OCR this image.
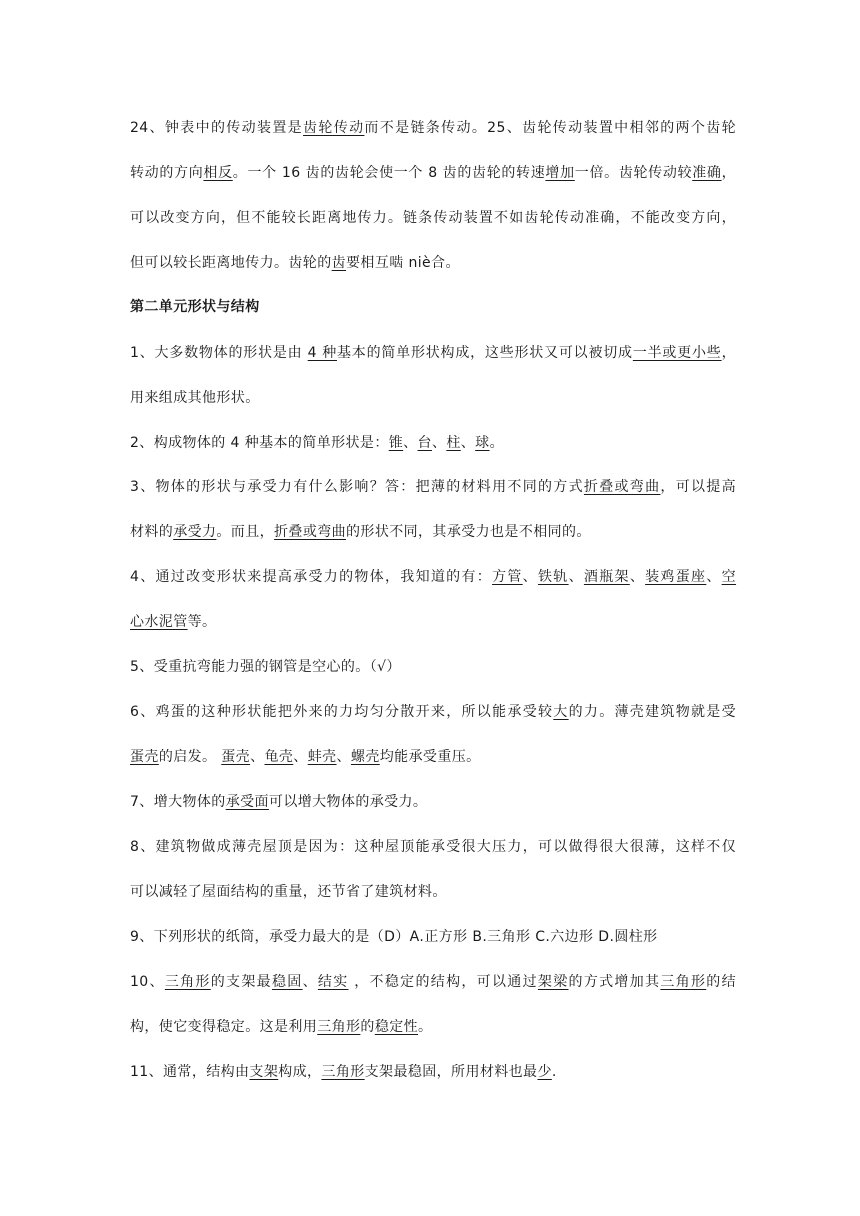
24、钟表中的传动装置是齿轮传动而不是链条传动。25、齿轮传动装置中相邻的两个齿轮
转动的方向相反。一个 16 齿的齿轮会使一个 8 齿的齿轮的转速增加一倍。齿轮传动较准确，
可以改变方向，但不能较长距离地传力。链条传动装置不如齿轮传动准确，不能改变方向，
但可以较长距离地传力。齿轮的齿要相互啮 niè合。
第二单元形状与结构
1、大多数物体的形状是由 4 种基本的简单形状构成，这些形状又可以被切成一半或更小些，
用来组成其他形状。
2、构成物体的 4 种基本的简单形状是：锥、台、柱、球。
3、物体的形状与承受力有什么影响？答：把薄的材料用不同的方式折叠或弯曲，可以提高
材料的承受力。而且，折叠或弯曲的形状不同，其承受力也是不相同的。
4、通过改变形状来提高承受力的物体，我知道的有：方管、铁轨、酒瓶架、装鸡蛋座、空
心水泥管等。
5、受重抗弯能力强的钢管是空心的。（√）
6、鸡蛋的这种形状能把外来的力均匀分散开来，所以能承受较大的力。薄壳建筑物就是受
蛋壳的启发。 蛋壳、龟壳、蚌壳、螺壳均能承受重压。
7、增大物体的承受面可以增大物体的承受力。
8、建筑物做成薄壳屋顶是因为：这种屋顶能承受很大压力，可以做得很大很薄，这样不仅
可以减轻了屋面结构的重量，还节省了建筑材料。
9、下列形状的纸筒，承受力最大的是（D）A.正方形 B.三角形 C.六边形 D.圆柱形
10、三角形的支架最稳固、结实 ，不稳定的结构，可以通过架梁的方式增加其三角形的结
构，使它变得稳定。这是利用三角形的稳定性。
11、通常，结构由支架构成，三角形支架最稳固，所用材料也最少.
